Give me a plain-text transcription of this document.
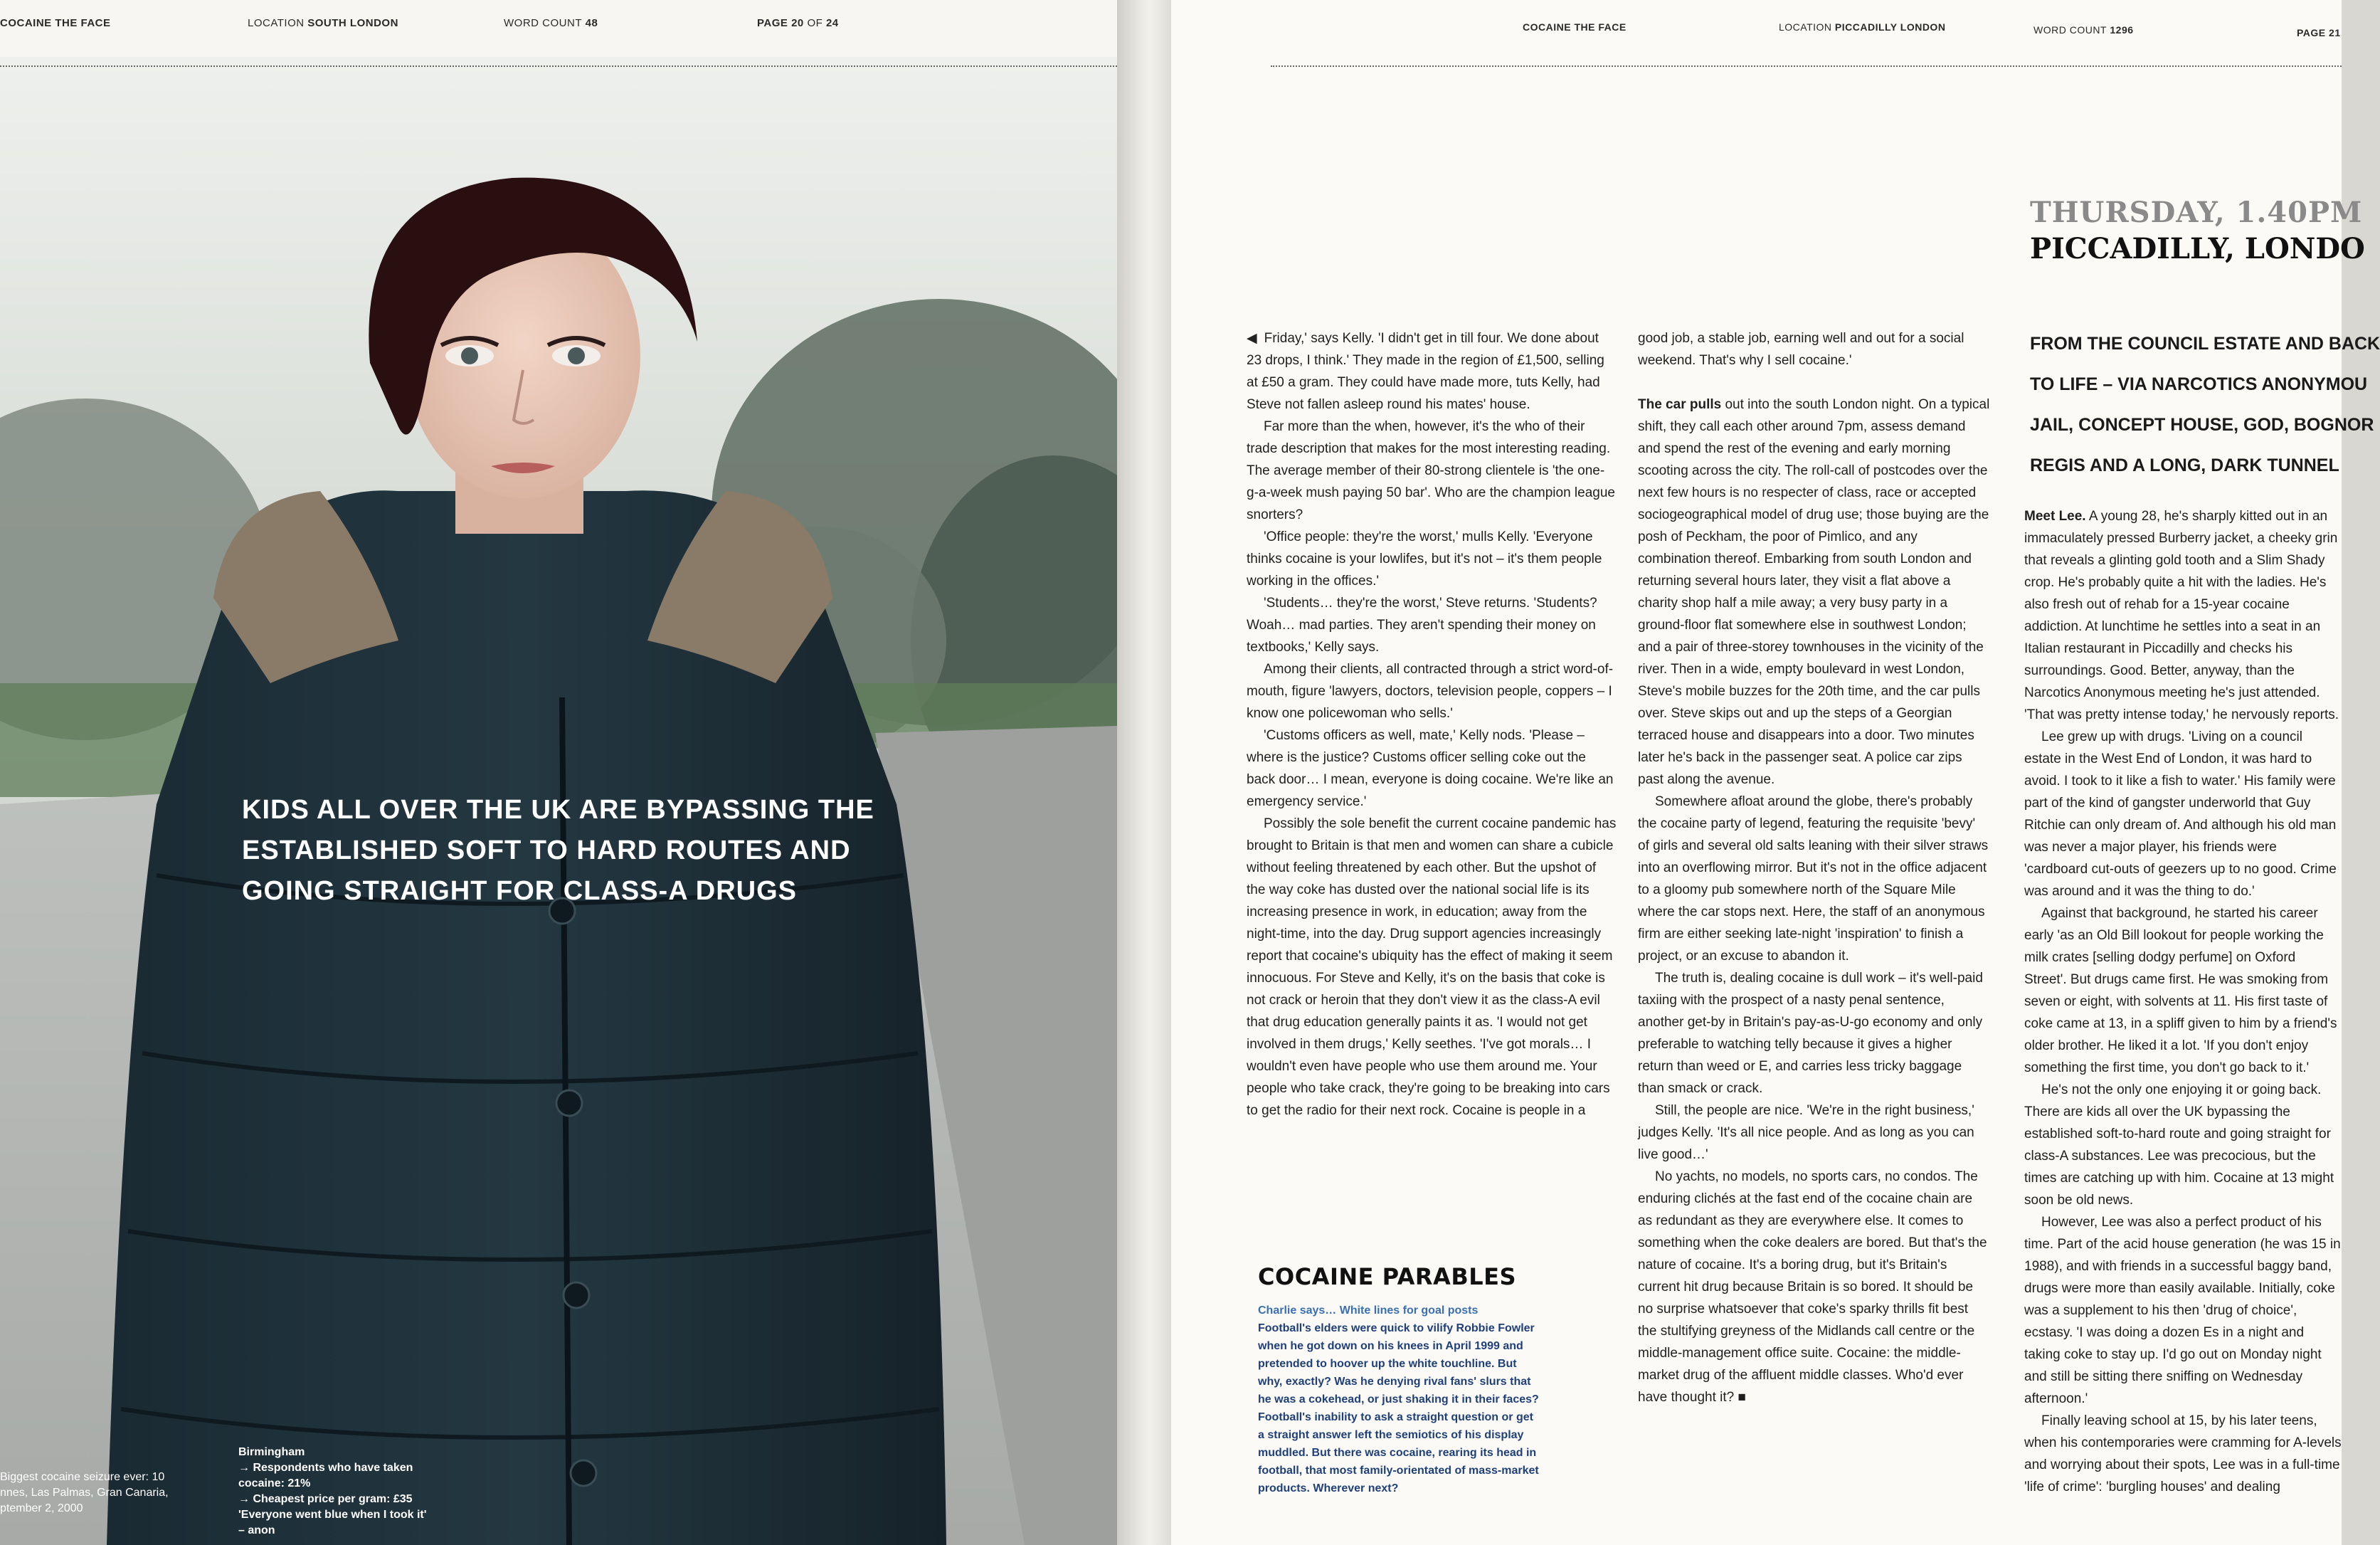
KIDS ALL OVER THE UK ARE BYPASSING THE
ESTABLISHED SOFT TO HARD ROUTES AND
GOING STRAIGHT FOR CLASS-A DRUGS
Biggest cocaine seizure ever: 10
nnes, Las Palmas, Gran Canaria,
ptember 2, 2000
Birmingham
→ Respondents who have taken
cocaine: 21%
→ Cheapest price per gram: £35
'Everyone went blue when I took it'
– anon
COCAINE THE FACE	LOCATION SOUTH LONDON	WORD COUNT 48	PAGE 20 OF 24	COCAINE THE FACE	LOCATION PICCADILLY LONDON	WORD COUNT 1296	PAGE 21
THURSDAY, 1.40PM
PICCADILLY, LONDO
FROM THE COUNCIL ESTATE AND BACK
TO LIFE – VIA NARCOTICS ANONYMOU
JAIL, CONCEPT HOUSE, GOD, BOGNOR
REGIS AND A LONG, DARK TUNNEL

◀ Friday,' says Kelly. 'I didn't get in till four. We done about 23 drops, I think.' They made in the region of £1,500, selling at £50 a gram. They could have made more, tuts Kelly, had Steve not fallen asleep round his mates' house.

Far more than the when, however, it's the who of their trade description that makes for the most interesting reading. The average member of their 80-strong clientele is 'the one-g-a-week mush paying 50 bar'. Who are the champion league snorters?

'Office people: they're the worst,' mulls Kelly. 'Everyone thinks cocaine is your lowlifes, but it's not – it's them people working in the offices.'

'Students… they're the worst,' Steve returns. 'Students? Woah… mad parties. They aren't spending their money on textbooks,' Kelly says.

Among their clients, all contracted through a strict word-of-mouth, figure 'lawyers, doctors, television people, coppers – I know one policewoman who sells.'

'Customs officers as well, mate,' Kelly nods. 'Please – where is the justice? Customs officer selling coke out the back door… I mean, everyone is doing cocaine. We're like an emergency service.'

Possibly the sole benefit the current cocaine pandemic has brought to Britain is that men and women can share a cubicle without feeling threatened by each other. But the upshot of the way coke has dusted over the national social life is its increasing presence in work, in education; away from the night-time, into the day. Drug support agencies increasingly report that cocaine's ubiquity has the effect of making it seem innocuous. For Steve and Kelly, it's on the basis that coke is not crack or heroin that they don't view it as the class-A evil that drug education generally paints it as. 'I would not get involved in them drugs,' Kelly seethes. 'I've got morals… I wouldn't even have people who use them around me. Your people who take crack, they're going to be breaking into cars to get the radio for their next rock. Cocaine is people in a

COCAINE PARABLES
Charlie says… White lines for goal posts
Football's elders were quick to vilify Robbie Fowler when he got down on his knees in April 1999 and pretended to hoover up the white touchline. But why, exactly? Was he denying rival fans' slurs that he was a cokehead, or just shaking it in their faces? Football's inability to ask a straight question or get a straight answer left the semiotics of his display muddled. But there was cocaine, rearing its head in football, that most family-orientated of mass-market products. Wherever next?

good job, a stable job, earning well and out for a social weekend. That's why I sell cocaine.'

The car pulls out into the south London night. On a typical shift, they call each other around 7pm, assess demand and spend the rest of the evening and early morning scooting across the city. The roll-call of postcodes over the next few hours is no respecter of class, race or accepted sociogeographical model of drug use; those buying are the posh of Peckham, the poor of Pimlico, and any combination thereof. Embarking from south London and returning several hours later, they visit a flat above a charity shop half a mile away; a very busy party in a ground-floor flat somewhere else in southwest London; and a pair of three-storey townhouses in the vicinity of the river. Then in a wide, empty boulevard in west London, Steve's mobile buzzes for the 20th time, and the car pulls over. Steve skips out and up the steps of a Georgian terraced house and disappears into a door. Two minutes later he's back in the passenger seat. A police car zips past along the avenue.

Somewhere afloat around the globe, there's probably the cocaine party of legend, featuring the requisite 'bevy' of girls and several old salts leaning with their silver straws into an overflowing mirror. But it's not in the office adjacent to a gloomy pub somewhere north of the Square Mile where the car stops next. Here, the staff of an anonymous firm are either seeking late-night 'inspiration' to finish a project, or an excuse to abandon it.

The truth is, dealing cocaine is dull work – it's well-paid taxiing with the prospect of a nasty penal sentence, another get-by in Britain's pay-as-U-go economy and only preferable to watching telly because it gives a higher return than weed or E, and carries less tricky baggage than smack or crack.

Still, the people are nice. 'We're in the right business,' judges Kelly. 'It's all nice people. And as long as you can live good…'

No yachts, no models, no sports cars, no condos. The enduring clichés at the fast end of the cocaine chain are as redundant as they are everywhere else. It comes to something when the coke dealers are bored. But that's the nature of cocaine. It's a boring drug, but it's Britain's current hit drug because Britain is so bored. It should be no surprise whatsoever that coke's sparky thrills fit best the stultifying greyness of the Midlands call centre or the middle-management office suite. Cocaine: the middle-market drug of the affluent middle classes. Who'd ever have thought it? ■

Meet Lee. A young 28, he's sharply kitted out in an immaculately pressed Burberry jacket, a cheeky grin that reveals a glinting gold tooth and a Slim Shady crop. He's probably quite a hit with the ladies. He's also fresh out of rehab for a 15-year cocaine addiction. At lunchtime he settles into a seat in an Italian restaurant in Piccadilly and checks his surroundings. Good. Better, anyway, than the Narcotics Anonymous meeting he's just attended. 'That was pretty intense today,' he nervously reports.

Lee grew up with drugs. 'Living on a council estate in the West End of London, it was hard to avoid. I took to it like a fish to water.' His family were part of the kind of gangster underworld that Guy Ritchie can only dream of. And although his old man was never a major player, his friends were 'cardboard cut-outs of geezers up to no good. Crime was around and it was the thing to do.'

Against that background, he started his career early 'as an Old Bill lookout for people working the milk crates [selling dodgy perfume] on Oxford Street'. But drugs came first. He was smoking from seven or eight, with solvents at 11. His first taste of coke came at 13, in a spliff given to him by a friend's older brother. He liked it a lot. 'If you don't enjoy something the first time, you don't go back to it.'

He's not the only one enjoying it or going back. There are kids all over the UK bypassing the established soft-to-hard route and going straight for class-A substances. Lee was precocious, but the times are catching up with him. Cocaine at 13 might soon be old news.

However, Lee was also a perfect product of his time. Part of the acid house generation (he was 15 in 1988), and with friends in a successful baggy band, drugs were more than easily available. Initially, coke was a supplement to his then 'drug of choice', ecstasy. 'I was doing a dozen Es in a night and taking coke to stay up. I'd go out on Monday night and still be sitting there sniffing on Wednesday afternoon.'

Finally leaving school at 15, by his later teens, when his contemporaries were cramming for A-levels and worrying about their spots, Lee was in a full-time 'life of crime': 'burgling houses' and dealing
